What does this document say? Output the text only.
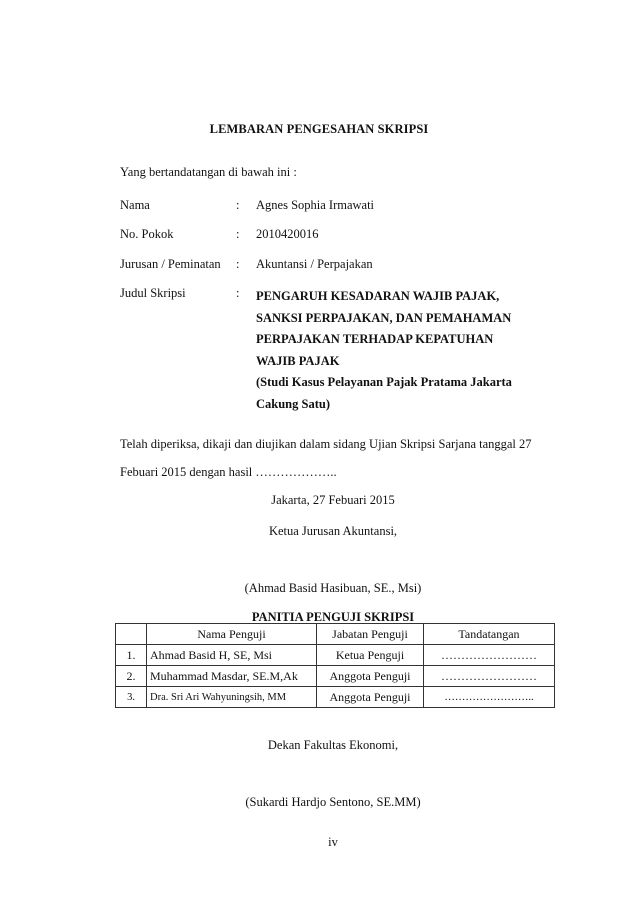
LEMBARAN PENGESAHAN SKRIPSI
Yang bertandatangan di bawah ini :
Nama	: Agnes Sophia Irmawati
No. Pokok	: 2010420016
Jurusan / Peminatan : Akuntansi / Perpajakan
Judul Skripsi	: PENGARUH KESADARAN WAJIB PAJAK,
SANKSI PERPAJAKAN, DAN PEMAHAMAN
PERPAJAKAN TERHADAP KEPATUHAN
WAJIB PAJAK
(Studi Kasus Pelayanan Pajak Pratama Jakarta
Cakung Satu)
Telah diperiksa, dikaji dan diujikan dalam sidang Ujian Skripsi Sarjana tanggal 27
Febuari 2015 dengan hasil ………………..
Jakarta, 27 Febuari 2015
Ketua Jurusan Akuntansi,
(Ahmad Basid Hasibuan, SE., Msi)
PANITIA PENGUJI SKRIPSI
	Nama Penguji	Jabatan Penguji	Tandatangan
1.	Ahmad Basid H, SE, Msi	Ketua Penguji	……………………
2.	Muhammad Masdar, SE.M,Ak	Anggota Penguji	……………………
3.	Dra. Sri Ari Wahyuningsih, MM	Anggota Penguji	……………………..
Dekan Fakultas Ekonomi,
(Sukardi Hardjo Sentono, SE.MM)
iv
